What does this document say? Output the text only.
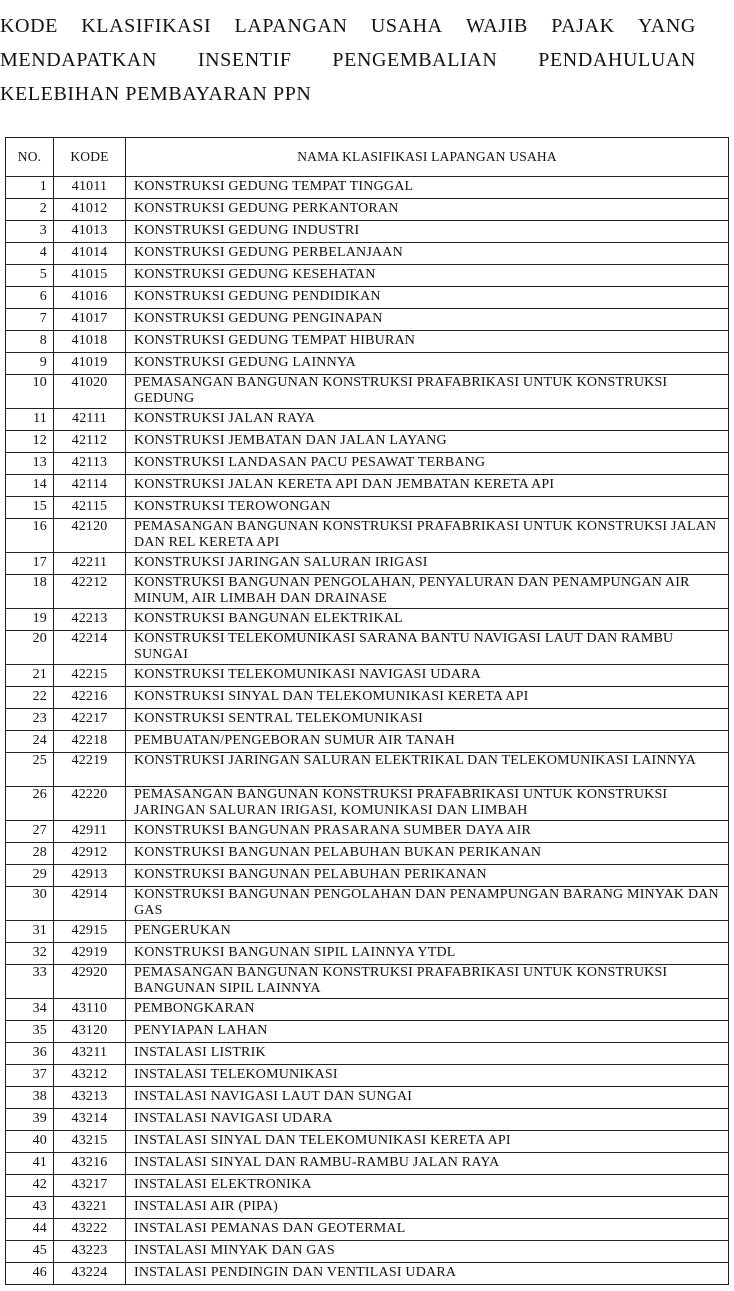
KODE KLASIFIKASI LAPANGAN USAHA WAJIB PAJAK YANG
MENDAPATKAN INSENTIF PENGEMBALIAN PENDAHULUAN
KELEBIHAN PEMBAYARAN PPN
NO.	KODE	NAMA KLASIFIKASI LAPANGAN USAHA
1	41011	KONSTRUKSI GEDUNG TEMPAT TINGGAL
2	41012	KONSTRUKSI GEDUNG PERKANTORAN
3	41013	KONSTRUKSI GEDUNG INDUSTRI
4	41014	KONSTRUKSI GEDUNG PERBELANJAAN
5	41015	KONSTRUKSI GEDUNG KESEHATAN
6	41016	KONSTRUKSI GEDUNG PENDIDIKAN
7	41017	KONSTRUKSI GEDUNG PENGINAPAN
8	41018	KONSTRUKSI GEDUNG TEMPAT HIBURAN
9	41019	KONSTRUKSI GEDUNG LAINNYA
10	41020	PEMASANGAN BANGUNAN KONSTRUKSI PRAFABRIKASI UNTUK KONSTRUKSI GEDUNG
11	42111	KONSTRUKSI JALAN RAYA
12	42112	KONSTRUKSI JEMBATAN DAN JALAN LAYANG
13	42113	KONSTRUKSI LANDASAN PACU PESAWAT TERBANG
14	42114	KONSTRUKSI JALAN KERETA API DAN JEMBATAN KERETA API
15	42115	KONSTRUKSI TEROWONGAN
16	42120	PEMASANGAN BANGUNAN KONSTRUKSI PRAFABRIKASI UNTUK KONSTRUKSI JALAN DAN REL KERETA API
17	42211	KONSTRUKSI JARINGAN SALURAN IRIGASI
18	42212	KONSTRUKSI BANGUNAN PENGOLAHAN, PENYALURAN DAN PENAMPUNGAN AIR MINUM, AIR LIMBAH DAN DRAINASE
19	42213	KONSTRUKSI BANGUNAN ELEKTRIKAL
20	42214	KONSTRUKSI TELEKOMUNIKASI SARANA BANTU NAVIGASI LAUT DAN RAMBU SUNGAI
21	42215	KONSTRUKSI TELEKOMUNIKASI NAVIGASI UDARA
22	42216	KONSTRUKSI SINYAL DAN TELEKOMUNIKASI KERETA API
23	42217	KONSTRUKSI SENTRAL TELEKOMUNIKASI
24	42218	PEMBUATAN/PENGEBORAN SUMUR AIR TANAH
25	42219	KONSTRUKSI JARINGAN SALURAN ELEKTRIKAL DAN TELEKOMUNIKASI LAINNYA
26	42220	PEMASANGAN BANGUNAN KONSTRUKSI PRAFABRIKASI UNTUK KONSTRUKSI JARINGAN SALURAN IRIGASI, KOMUNIKASI DAN LIMBAH
27	42911	KONSTRUKSI BANGUNAN PRASARANA SUMBER DAYA AIR
28	42912	KONSTRUKSI BANGUNAN PELABUHAN BUKAN PERIKANAN
29	42913	KONSTRUKSI BANGUNAN PELABUHAN PERIKANAN
30	42914	KONSTRUKSI BANGUNAN PENGOLAHAN DAN PENAMPUNGAN BARANG MINYAK DAN GAS
31	42915	PENGERUKAN
32	42919	KONSTRUKSI BANGUNAN SIPIL LAINNYA YTDL
33	42920	PEMASANGAN BANGUNAN KONSTRUKSI PRAFABRIKASI UNTUK KONSTRUKSI BANGUNAN SIPIL LAINNYA
34	43110	PEMBONGKARAN
35	43120	PENYIAPAN LAHAN
36	43211	INSTALASI LISTRIK
37	43212	INSTALASI TELEKOMUNIKASI
38	43213	INSTALASI NAVIGASI LAUT DAN SUNGAI
39	43214	INSTALASI NAVIGASI UDARA
40	43215	INSTALASI SINYAL DAN TELEKOMUNIKASI KERETA API
41	43216	INSTALASI SINYAL DAN RAMBU-RAMBU JALAN RAYA
42	43217	INSTALASI ELEKTRONIKA
43	43221	INSTALASI AIR (PIPA)
44	43222	INSTALASI PEMANAS DAN GEOTERMAL
45	43223	INSTALASI MINYAK DAN GAS
46	43224	INSTALASI PENDINGIN DAN VENTILASI UDARA
